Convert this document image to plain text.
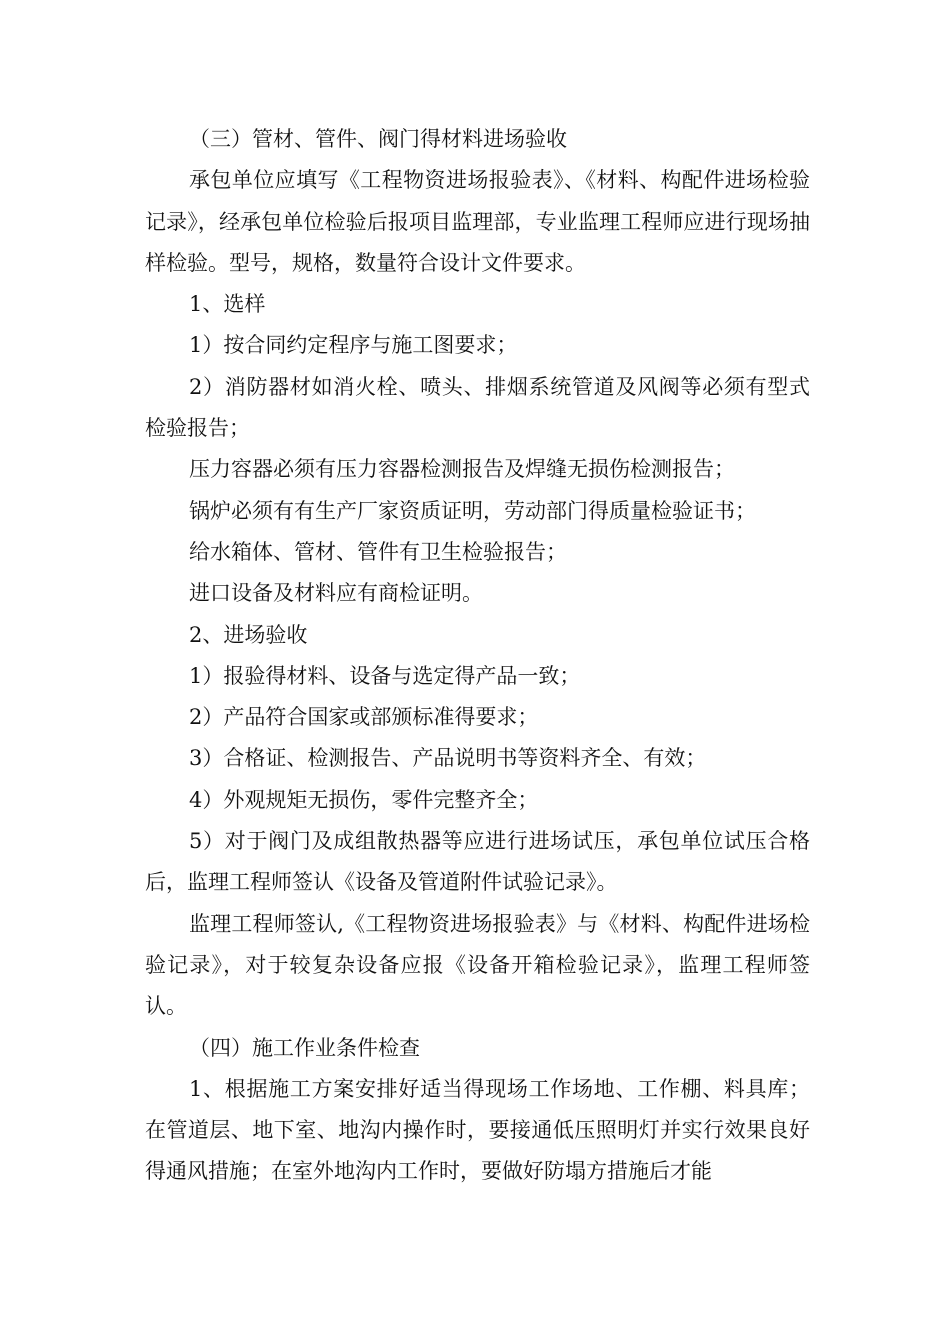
（三）管材、管件、阀门得材料进场验收

承包单位应填写《工程物资进场报验表》、《材料、构配件进场检验记录》，经承包单位检验后报项目监理部，专业监理工程师应进行现场抽样检验。型号，规格，数量符合设计文件要求。

1、选样

1）按合同约定程序与施工图要求；

2）消防器材如消火栓、喷头、排烟系统管道及风阀等必须有型式检验报告；

压力容器必须有压力容器检测报告及焊缝无损伤检测报告；

锅炉必须有有生产厂家资质证明，劳动部门得质量检验证书；

给水箱体、管材、管件有卫生检验报告；

进口设备及材料应有商检证明。

2、进场验收

1）报验得材料、设备与选定得产品一致；

2）产品符合国家或部颁标准得要求；

3）合格证、检测报告、产品说明书等资料齐全、有效；

4）外观规矩无损伤，零件完整齐全；

5）对于阀门及成组散热器等应进行进场试压，承包单位试压合格后，监理工程师签认《设备及管道附件试验记录》。

监理工程师签认,《工程物资进场报验表》与《材料、构配件进场检验记录》，对于较复杂设备应报《设备开箱检验记录》，监理工程师签认。

（四）施工作业条件检查

1、根据施工方案安排好适当得现场工作场地、工作棚、料具库；在管道层、地下室、地沟内操作时，要接通低压照明灯并实行效果良好得通风措施；在室外地沟内工作时，要做好防塌方措施后才能
